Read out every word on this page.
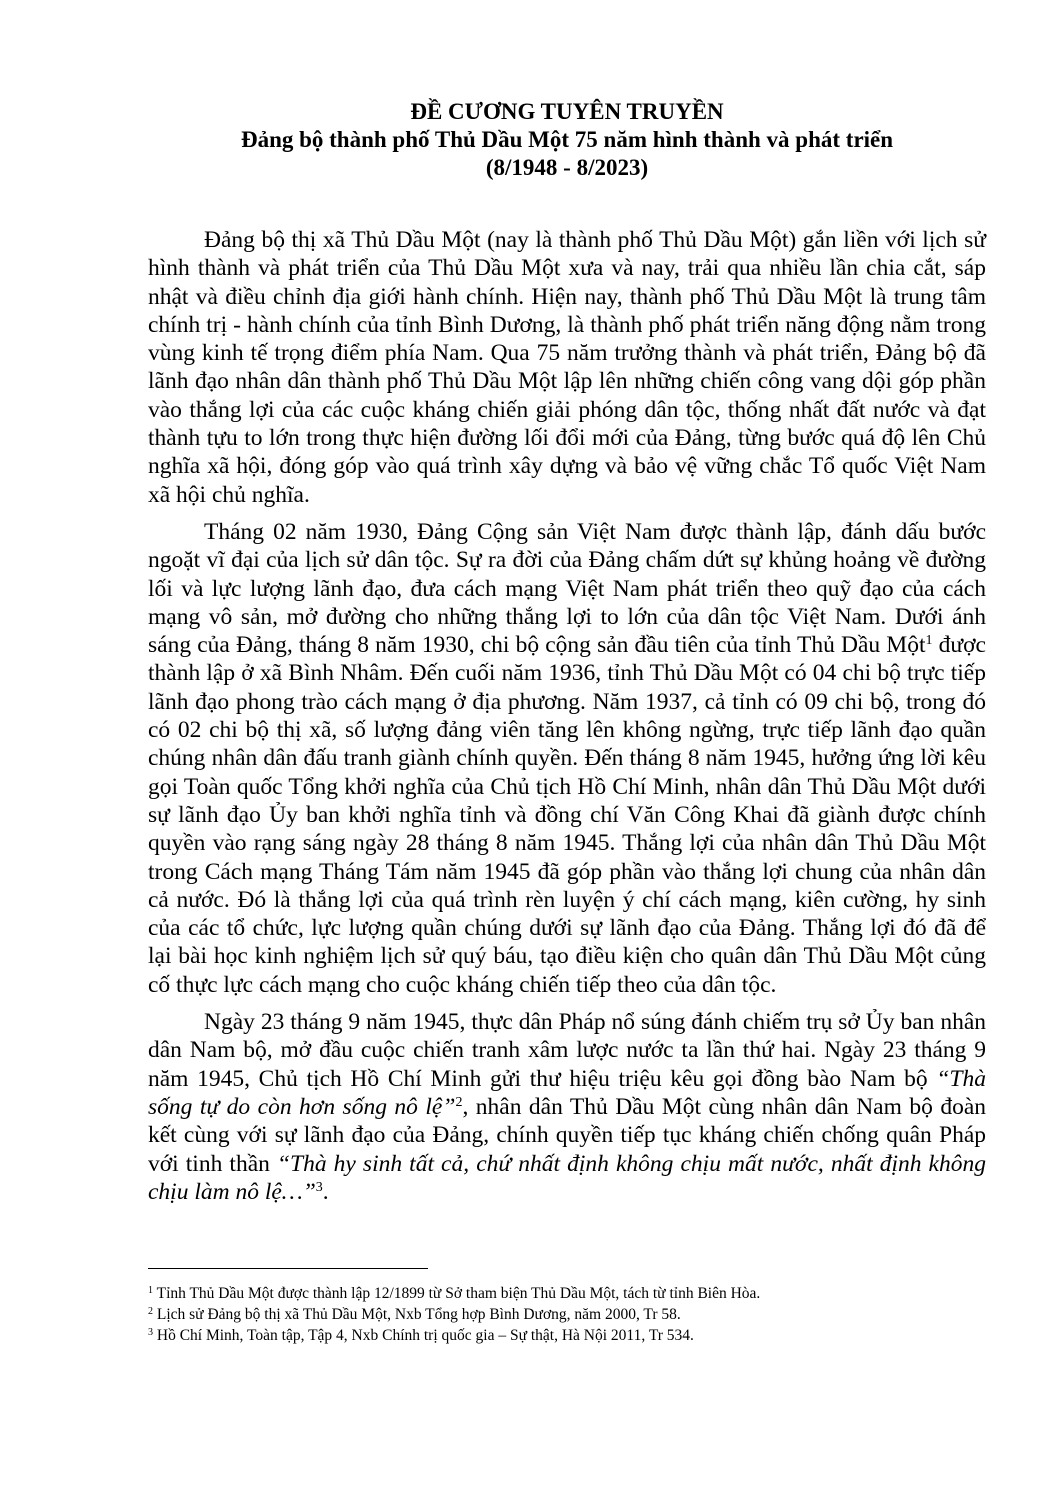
ĐỀ CƯƠNG TUYÊN TRUYỀN
Đảng bộ thành phố Thủ Dầu Một 75 năm hình thành và phát triển
(8/1948 - 8/2023)

Đảng bộ thị xã Thủ Dầu Một (nay là thành phố Thủ Dầu Một) gắn liền với lịch sử hình thành và phát triển của Thủ Dầu Một xưa và nay, trải qua nhiều lần chia cắt, sáp nhật và điều chỉnh địa giới hành chính. Hiện nay, thành phố Thủ Dầu Một là trung tâm chính trị - hành chính của tỉnh Bình Dương, là thành phố phát triển năng động nằm trong vùng kinh tế trọng điểm phía Nam. Qua 75 năm trưởng thành và phát triển, Đảng bộ đã lãnh đạo nhân dân thành phố Thủ Dầu Một lập lên những chiến công vang dội góp phần vào thắng lợi của các cuộc kháng chiến giải phóng dân tộc, thống nhất đất nước và đạt thành tựu to lớn trong thực hiện đường lối đổi mới của Đảng, từng bước quá độ lên Chủ nghĩa xã hội, đóng góp vào quá trình xây dựng và bảo vệ vững chắc Tổ quốc Việt Nam xã hội chủ nghĩa.

Tháng 02 năm 1930, Đảng Cộng sản Việt Nam được thành lập, đánh dấu bước ngoặt vĩ đại của lịch sử dân tộc. Sự ra đời của Đảng chấm dứt sự khủng hoảng về đường lối và lực lượng lãnh đạo, đưa cách mạng Việt Nam phát triển theo quỹ đạo của cách mạng vô sản, mở đường cho những thắng lợi to lớn của dân tộc Việt Nam. Dưới ánh sáng của Đảng, tháng 8 năm 1930, chi bộ cộng sản đầu tiên của tỉnh Thủ Dầu Một$^1$ được thành lập ở xã Bình Nhâm. Đến cuối năm 1936, tỉnh Thủ Dầu Một có 04 chi bộ trực tiếp lãnh đạo phong trào cách mạng ở địa phương. Năm 1937, cả tỉnh có 09 chi bộ, trong đó có 02 chi bộ thị xã, số lượng đảng viên tăng lên không ngừng, trực tiếp lãnh đạo quần chúng nhân dân đấu tranh giành chính quyền. Đến tháng 8 năm 1945, hưởng ứng lời kêu gọi Toàn quốc Tổng khởi nghĩa của Chủ tịch Hồ Chí Minh, nhân dân Thủ Dầu Một dưới sự lãnh đạo Ủy ban khởi nghĩa tỉnh và đồng chí Văn Công Khai đã giành được chính quyền vào rạng sáng ngày 28 tháng 8 năm 1945. Thắng lợi của nhân dân Thủ Dầu Một trong Cách mạng Tháng Tám năm 1945 đã góp phần vào thắng lợi chung của nhân dân cả nước. Đó là thắng lợi của quá trình rèn luyện ý chí cách mạng, kiên cường, hy sinh của các tổ chức, lực lượng quần chúng dưới sự lãnh đạo của Đảng. Thắng lợi đó đã để lại bài học kinh nghiệm lịch sử quý báu, tạo điều kiện cho quân dân Thủ Dầu Một củng cố thực lực cách mạng cho cuộc kháng chiến tiếp theo của dân tộc.

Ngày 23 tháng 9 năm 1945, thực dân Pháp nổ súng đánh chiếm trụ sở Ủy ban nhân dân Nam bộ, mở đầu cuộc chiến tranh xâm lược nước ta lần thứ hai. Ngày 23 tháng 9 năm 1945, Chủ tịch Hồ Chí Minh gửi thư hiệu triệu kêu gọi đồng bào Nam bộ “Thà sống tự do còn hơn sống nô lệ”$^2$, nhân dân Thủ Dầu Một cùng nhân dân Nam bộ đoàn kết cùng với sự lãnh đạo của Đảng, chính quyền tiếp tục kháng chiến chống quân Pháp với tinh thần “Thà hy sinh tất cả, chứ nhất định không chịu mất nước, nhất định không chịu làm nô lệ…”$^3$.

$^1$ Tỉnh Thủ Dầu Một được thành lập 12/1899 từ Sở tham biện Thủ Dầu Một, tách từ tỉnh Biên Hòa.
$^2$ Lịch sử Đảng bộ thị xã Thủ Dầu Một, Nxb Tổng hợp Bình Dương, năm 2000, Tr 58.
$^3$ Hồ Chí Minh, Toàn tập, Tập 4, Nxb Chính trị quốc gia – Sự thật, Hà Nội 2011, Tr 534.
